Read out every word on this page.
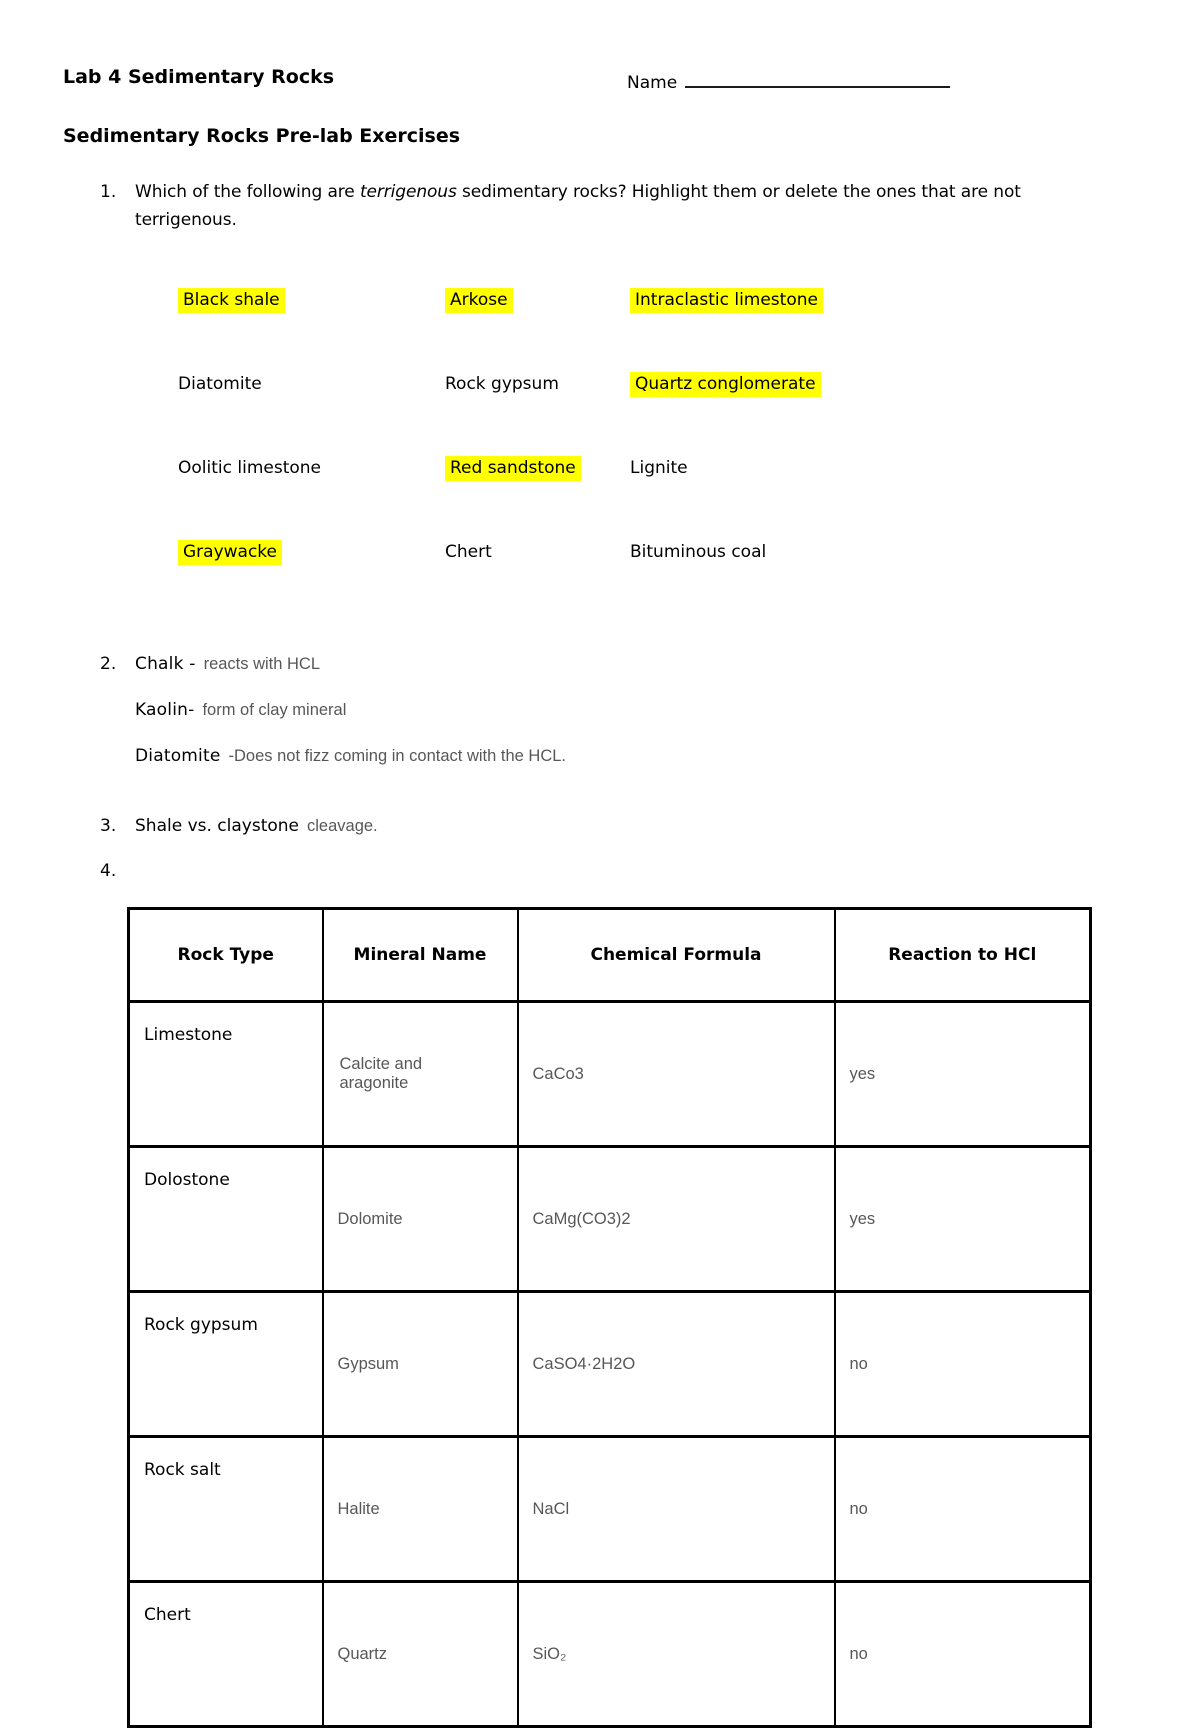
Lab 4 Sedimentary Rocks	Name
Sedimentary Rocks Pre-lab Exercises
1.	Which of the following are terrigenous sedimentary rocks? Highlight them or delete the ones that are not terrigenous.
Black shale	Arkose	Intraclastic limestone
Diatomite	Rock gypsum	Quartz conglomerate
Oolitic limestone	Red sandstone	Lignite
Graywacke	Chert	Bituminous coal
2.	Chalk - reacts with HCL
Kaolin- form of clay mineral
Diatomite -Does not fizz coming in contact with the HCL.
3.	Shale vs. claystone cleavage.
4.
Rock Type	Mineral Name	Chemical Formula	Reaction to HCl
Limestone	Calcite and aragonite	CaCo3	yes
Dolostone	Dolomite	CaMg(CO3)2	yes
Rock gypsum	Gypsum	CaSO4·2H2O	no
Rock salt	Halite	NaCl	no
Chert	Quartz	SiO₂	no
